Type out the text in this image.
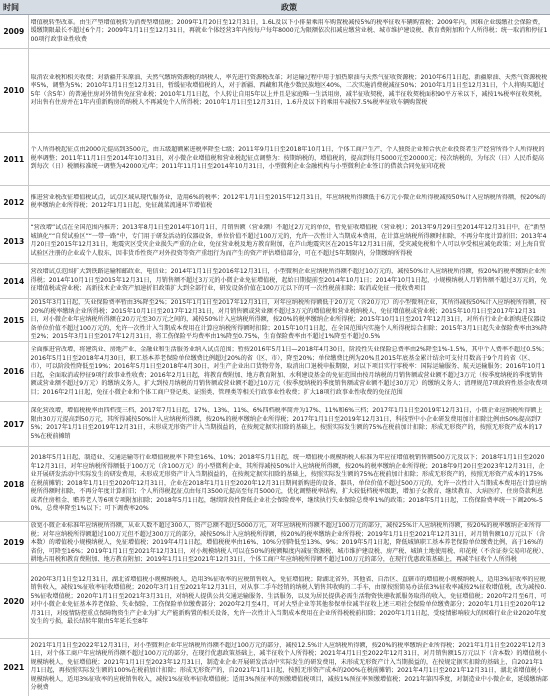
时间	政策
2009	增值税转型改革。由生产型增值税转为消费型增值税；2009年1月20日至12月31日，1.6L及以下小排量乘用车购置税减按5%的税率征收车辆购置税；2009年内，困难企业缓缴社会保险费，缓缴期限最长不超过6个月；2009年1月1日至12月31日，再就业个体经营3年内按每户每年8000元为限额依次扣减应缴营业税、城市维护建设税、教育费附加和个人所得税；统一取消和停征100项行政事业性收费

2010	取消农业税和相关收费；对新疆开采原油、天然气缴纳资源税的纳税人，率先进行资源税改革；对运输过程中用于加热原油与天然气征收资源税；2010年6月1日起，新疆原油、天然气资源税税率5%，调整为5%；2010年1月1日至12月31日，暂缓征收增值税的人，对于新疆、西藏和其他少数民族地区40%，二次实施消费税减征50%；2010年1月1日至12月31日，个人将购买超过5年（含5年）的普通住房对外销售免征营业税；2010年1月1日起，个人转让自用5年以上并且是家庭唯一生活用房，减半征收契税，减半征收契税面积90平方米以下，减按1%税率征收契税，对出售有住房并在1年内重新购房的纳税人不再减免个人所得税；2010年1月1日至12月31日，1.6升及以下的乘用车减按7.5%税率征收车辆购置税

2011	个人所得税起征点由2000元提高到3500元，由五级超额累进税率降至七级；2011年9月1日至2018年10月1日，个体工商户生产、个人独资企业和合伙企业投资者生产经营所得个人所得税的税率调整；2011年11月1日至2014年10月31日，对小微企业增值税和营业税起征点调整为：按期纳税的，增值税的，提高到每月5000元至20000元；按次纳税的，为每次（日）人民币提高到每次（日）税额标准统一调整为42000元/年；2011年11月1日至2014年10月31日，小型微利企业金融机构与小型微利企业签订的借款合同免征印花税

2012	推进营业税改征增值税试点，试点区域从现代服务业，适用6%的税率；2012年1月1日至2015年12月31日，年应纳税所得额低于6万元小微企业所得税减按50%计入应纳税所得额，按20%的税率缴纳企业所得税；2012年1月1日起，免征蔬菜流通环节增值税

2013	“营改增”试点在全国范围内推开；2013年8月1日至2014年10月1日，月销售额（营业额）不超过2万元的单位，暂免征收增值税（营业税）；2013年9月29日至2014年12月31日中，在“新型城镇化”“自贸试验区”“一带一路”中，专门用于研发活动的仪器设备，单位价值不超过100万元的，允许一次性计入当期成本费用，在计算应纳税所得额时扣除，不再分年度计算折旧；2013年4月20日至2015年12月31日，地震灾区受灾企业损失严重的企业，免征营业税及地方教育附加，在芦山地震灾区在2015年12月31日前，受灾减免税和个人可以享受相应减免政策；对上海自贸试验区注册的企业或个人股东，因非货币性资产对外投资等资产重组行为而产生的资产评估增值部分，可在不超过5年期限内，分期缴纳所得税

2014	营改增试点范围扩大到铁路运输和邮政业、电信业；2014年1月1日至2016年12月31日，小型微利企业应纳税所得额不超过10万元的，减按50%计入应纳税所得额，按20%的税率缴纳企业所得税；2014年10月1日至2015年12月31日，月销售额不超过3万元的小微企业免征增值税，起始日期提前至2014年10月1日；2014年10月1日起，小规模纳税人月销售额不超过3万元的，免征增值税或营业税；高新技术企业资产加速折旧政策扩大到全部行业，研发设备价值在100万元以下的可一次性税前扣除；取消或免征一批收费项目

2015	2015年3月1日起，失业保险费率暂由3%降至2%；2015年1月1日至2017年12月31日，对年应纳税所得额低于20万元（含20万元）的小型微利企业，其所得减按50%计入应纳税所得额，按20%的税率缴纳企业所得税；2015年10月1日至2017年12月31日，对月销售额或营业额不超过3万元的增值税和营业税纳税人，免征增值税或营业税；2015年10月1日至2017年12月31日，对小微企业年应纳税所得额在20万元至30万元之间的，减按50%计入应纳税所得额，按20%的税率缴纳企业所得税；2015年10月1日至2017年12月31日，对所有行业企业新购进仪器设备单位价值不超过100万元的，允许一次性计入当期成本费用在计算应纳税所得额时扣除；2015年10月1日起，在全国范围内实施个人所得税综合扣除；2015年3月1日起失业保险费率由3%降至2%；2015年3月1日至2017年12月31日，将工伤保险平均费率由1%降至0.75%，生育保险费率由不超过1%降至不超过0.5%

2016	全面推进营改增，将建筑业、房地产业、金融业和生活服务业纳入试点范围；暂按2016年5月1日—2018年4月30日，阶段性失业保险总费率由2%降至1%-1.5%，其中个人费率不超过0.5%；2016年5月1日至2018年4月30日，职工基本养老保险单位缴费比例超过20%的省（区、市），降至20%；单位缴费比例为20%且2015年底基金累计结余可支付月数高于9个月的省（区、市），可以阶段性降低至19%；2016年5月1日至2018年4月30日，对生产企业出口货物劳务，取消出口退税申报期限，对以下项目实行零税率：国际运输服务、航天运输服务；2016年10月1日起，全面取消或停征9项行政事业性收费；2016年2月1日起，将教育费附加、地方教育附加、水利建设基金的免征范围由按月纳税的月销售额或营业额不超过3万元（按季度纳税的季度销售额或营业额不超过9万元）的缴纳义务人，扩大到按月纳税的月销售额或营业额不超过10万元（按季度纳税的季度销售额或营业额不超过30万元）的缴纳义务人；清理规范7项政府性基金收费项目；2016年2月1日起，免征小微企业和个体工商户登记类、证照类、管理类等相关行政事业性收费；扩大18项行政事业性收费的免征范围

2017	深化营改增，增值税税率由四档变三档，2017年7月1日起，17%、13%、11%、6%四档税率简并为17%、11%和6%三档；2017年1月1日至2019年12月31日，小微企业应纳税所得额上限由30万元提高到50万元，其所得减按50%计入应纳税所得额，按20%的税率缴纳企业所得税；2017年1月1日至2019年12月31日，科技型中小企业研发费用加计扣除比例由50%提高到75%；2017年1月1日至2019年12月31日，未形成无形资产计入当期损益的，在按规定据实扣除的基础上，按照实际发生额的75%在税前加计扣除；形成无形资产的，按照无形资产成本的175%在税前摊销

2018	2018年5月1日起，制造业、交通运输等行业增值税税率下降至16%、10%；2018年5月1日起，统一增值税小规模纳税人标准为年应征增值税销售额500万元及以下；2018年1月1日至2020年12月31日，对年应纳税所得额低于100万元（含100万元）的小型微利企业，其所得减按50%计入应纳税所得额，按20%的税率缴纳企业所得税；2018年9月20日至2023年12月31日，企业开展研发活动中实际发生的研发费用，未形成无形资产计入当期损益的，在按规定据实扣除的基础上，按照实际发生额的75%在税前加计扣除；形成无形资产的，按照无形资产成本的175%在税前摊销；2018年1月1日至2020年12月31日，企业在2018年1月1日至2020年12月31日期间新购进的设备、器具，单位价值不超过500万元的，允许一次性计入当期成本费用在计算应纳税所得额时扣除，不再分年度计算折旧；个人所得税起征点由每月3500元提高至每月5000元，优化调整税率结构，扩大较低档税率级距，增加子女教育、继续教育、大病医疗、住房贷款利息或者住房租金、赡养老人等6项专项附加扣除；2018年5月1日起，继续阶段性降低企业社会保险费率，继续执行失业保险总费率1%的政策；2018年5月1日起，工伤保险费率统一下调20%-50%，总费率降至1%以下；可下调费率20%

2019	放宽小微企业标准年应纳税所得额，从业人数不超过300人，资产总额不超过5000万元，对年应纳税所得额不超过100万元的部分，减按25%计入应纳税所得额，按20%的税率缴纳企业所得税；对年应纳税所得额超过100万元但不超过300万元的部分，减按50%计入应纳税所得额，按20%的税率缴纳企业所得税；2019年1月1日至2021年12月31日，对月销售额10万元以下（含本数）的增值税小规模纳税人，免征增值税；2019年4月1日起，增值税税率由16%、10%分别降低至13%、9%；2019年5月1日起，降低城镇职工基本养老保险单位缴费比例，高于16%的省份，可降至16%；2019年1月1日至2021年12月31日，对小规模纳税人可以在50%的税额幅度内减征资源税、城市维护建设税、房产税、城镇土地使用税、印花税（不含证券交易印花税）、耕地占用税和教育费附加、地方教育附加；2019年1月1日至2021年12月31日，个体工商户年应纳税所得额不超过100万元的部分，在现行优惠政策基础上，再减半征收个人所得税

2020	2020年3月1日至12月31日，湖北省增值税小规模纳税人，适用3%征收率的应税销售收入，免征增值税；除湖北省外，其他省、自治区、直辖市的增值税小规模纳税人，适用3%征收率的应税销售收入，减按1%征收率征收增值税；2020年3月1日至2021年12月31日，对从事二手车经销的纳税人销售其收购的二手车，由原按照简易办法依3%征收率减按2%征收增值税，改为减按0.5%征收增值税；2020年1月1日至2021年3月31日，对纳税人提供公共交通运输服务、生活服务，以及为居民提供必需生活物资快递收派服务取得的收入，免征增值税；2020年2月至6月，可对中小微企业免征基本养老保险、失业保险、工伤保险单位缴费部分；2020年2月至4月，可对大型企业等其他参保单位减半征收上述三项社会保险单位缴费部分；2020年1月1日至2020年12月31日，对疫情防控重点保障物资生产企业为扩大产能新购置的相关设备，允许一次性计入当期成本费用在企业所得税税前扣除；2020年1月1日起，受疫情影响较大的困难行业企业2020年度发生的亏损，最长结转年限由5年延长至8年

2021	2021年1月1日至2022年12月31日，对小型微利企业年应纳税所得额不超过100万元的部分，减按12.5%计入应纳税所得额，按20%的税率缴纳企业所得税；2021年1月1日至2022年12月31日，对个体工商户年应纳税所得额不超过100万元的部分，在现行优惠政策基础上，减半征收个人所得税；2021年4月1日至2022年12月31日，对月销售额15万元以下（含本数）的增值税小规模纳税人，免征增值税；2021年1月1日至2023年12月31日，制造业企业开展研发活动中实际发生的研发费用，未形成无形资产计入当期损益的，在按规定据实扣除的基础上，自2021年1月1日起，再按照实际发生额的100%在税前加计扣除；形成无形资产的，自2021年1月1日起，按照无形资产成本的200%在税前摊销；2021年4月1日至2021年12月31日，湖北省增值税小规模纳税人，适用3%征收率的应税销售收入，减按1%征收率征收增值税；适用3%预征率的预缴增值税项目，减按1%预征率预缴增值税；2021年第四季度，对制造业中小微企业，延缓缴纳部分税费
